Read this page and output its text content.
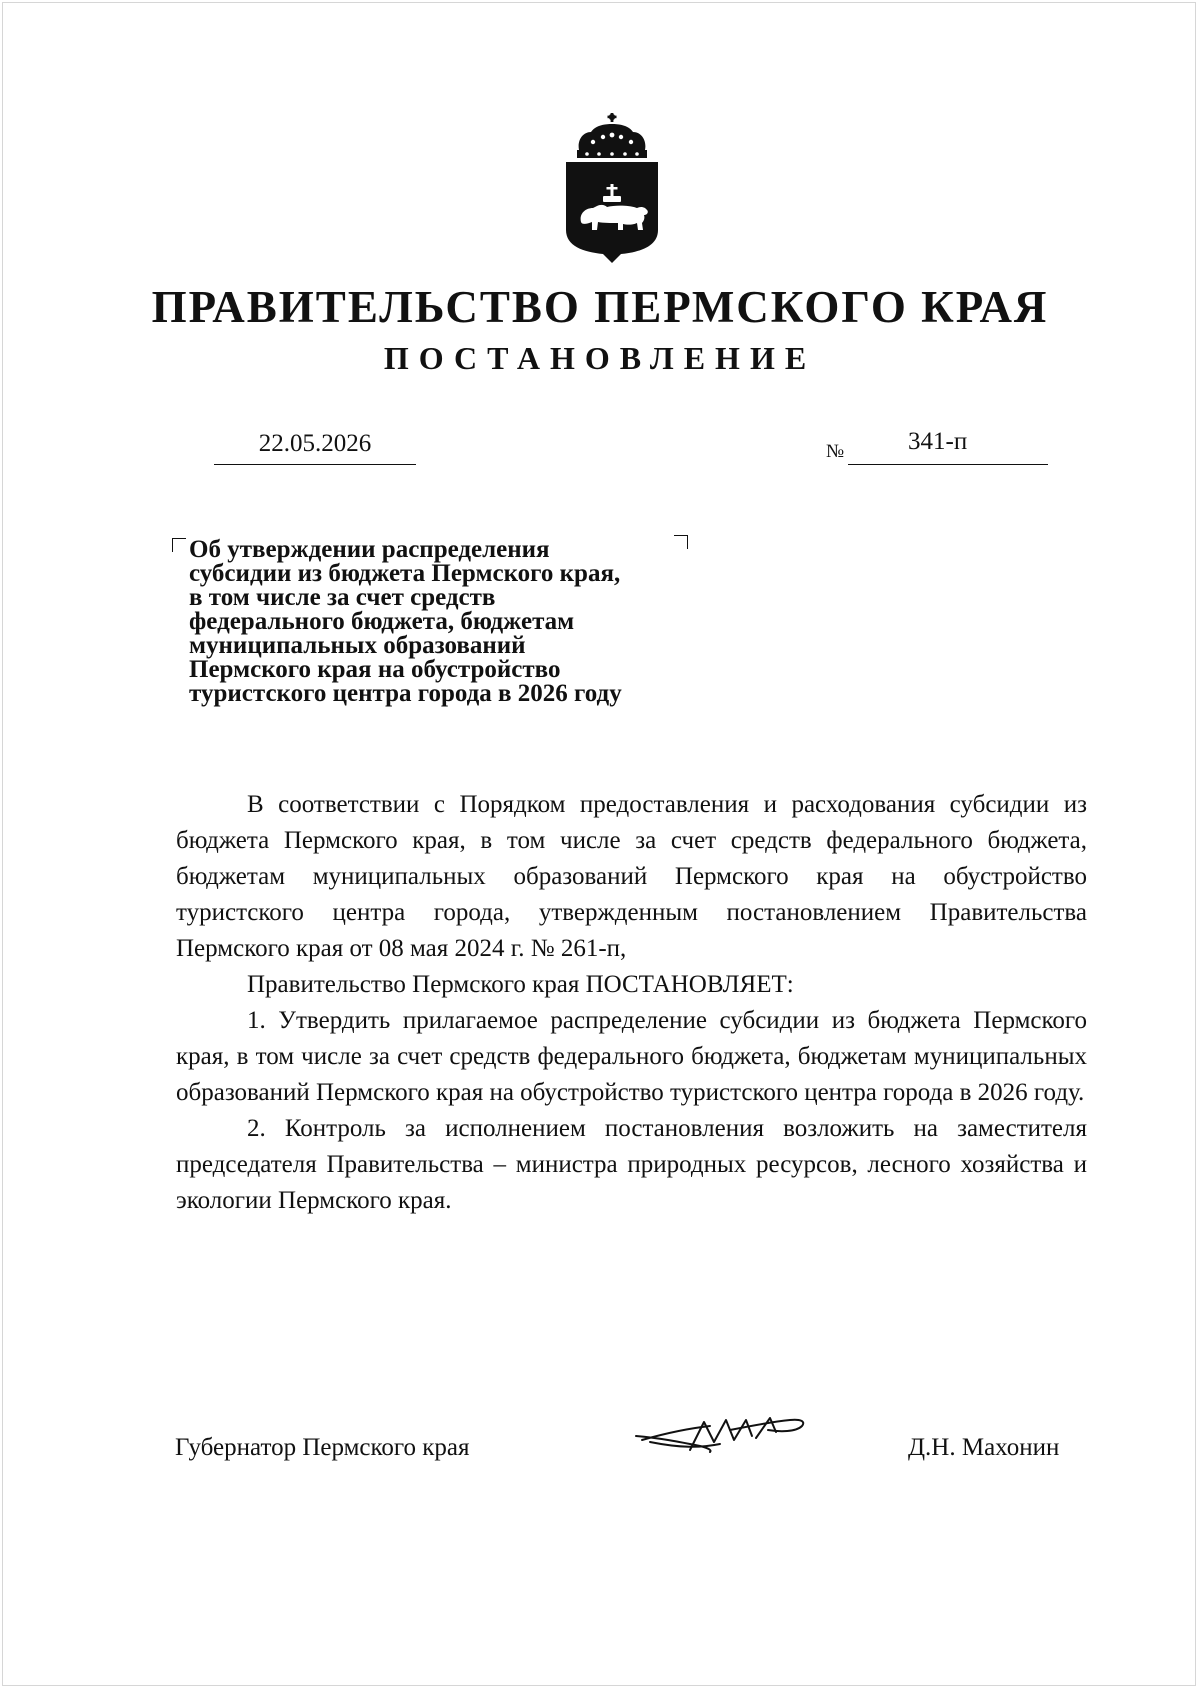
ПРАВИТЕЛЬСТВО ПЕРМСКОГО КРАЯ
ПОСТАНОВЛЕНИЕ
22.05.2026	№	341-п
Об утверждении распределения
субсидии из бюджета Пермского края,
в том числе за счет средств
федерального бюджета, бюджетам
муниципальных образований
Пермского края на обустройство
туристского центра города в 2026 году

В соответствии с Порядком предоставления и расходования субсидии из бюджета Пермского края, в том числе за счет средств федерального бюджета, бюджетам муниципальных образований Пермского края на обустройство туристского центра города, утвержденным постановлением Правительства Пермского края от 08 мая 2024 г. № 261-п,

Правительство Пермского края ПОСТАНОВЛЯЕТ:

1. Утвердить прилагаемое распределение субсидии из бюджета Пермского края, в том числе за счет средств федерального бюджета, бюджетам муниципальных образований Пермского края на обустройство туристского центра города в 2026 году.

2. Контроль за исполнением постановления возложить на заместителя председателя Правительства – министра природных ресурсов, лесного хозяйства и экологии Пермского края.

Губернатор Пермского края	Д.Н. Махонин
